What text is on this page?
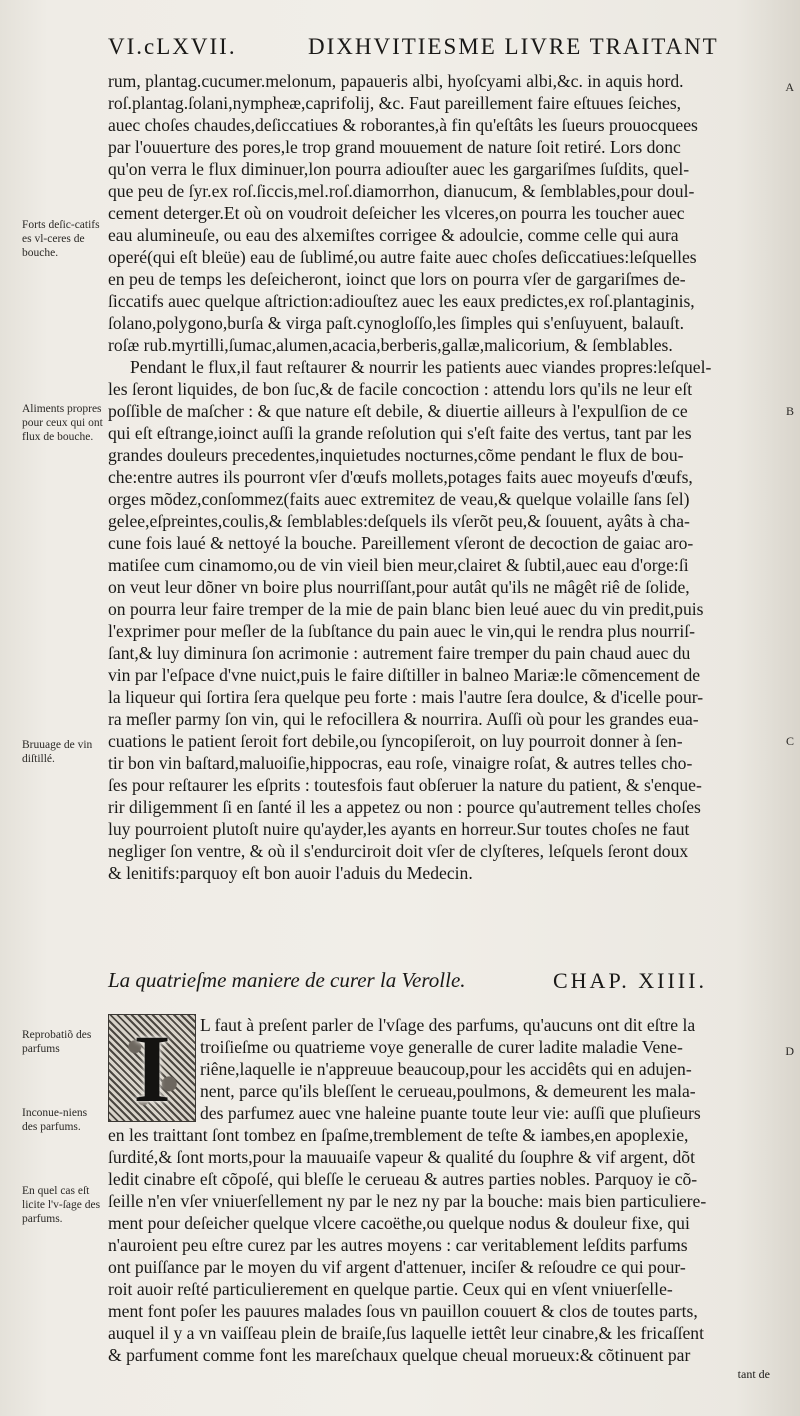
VI.cLXVII.	DIXHVITIESME LIVRE TRAITANT
Forts deſic-catifs es vl-ceres de bouche.
Aliments propres pour ceux qui ont flux de bouche.
Bruuage de vin diſtillé.
Reprobatiõ des parfums
Inconue-niens des parfums.
En quel cas eſt licite l'v-ſage des parfums.
A
B
C
D
rum, plantag.cucumer.melonum, papaueris albi, hyoſcyami albi,&c. in aquis hord.
roſ.plantag.ſolani,nympheæ,caprifolij, &c. Faut pareillement faire eſtuues ſeiches,
auec choſes chaudes,deſiccatiues & roborantes,à fin qu'eſtâts les ſueurs prouocquees
par l'ouuerture des pores,le trop grand mouuement de nature ſoit retiré. Lors donc
qu'on verra le flux diminuer,lon pourra adiouſter auec les gargariſmes ſuſdits, quel-
que peu de ſyr.ex roſ.ſiccis,mel.roſ.diamorrhon, dianucum, & ſemblables,pour doul-
cement deterger.Et où on voudroit deſeicher les vlceres,on pourra les toucher auec
eau alumineuſe, ou eau des alxemiſtes corrigee & adoulcie, comme celle qui aura
operé(qui eſt bleüe) eau de ſublimé,ou autre faite auec choſes deſiccatiues:leſquelles
en peu de temps les deſeicheront, ioinct que lors on pourra vſer de gargariſmes de-
ſiccatifs auec quelque aſtriction:adiouſtez auec les eaux predictes,ex roſ.plantaginis,
ſolano,polygono,burſa & virga paſt.cynogloſſo,les ſimples qui s'enſuyuent, balauſt.
roſæ rub.myrtilli,ſumac,alumen,acacia,berberis,gallæ,malicorium, & ſemblables.
Pendant le flux,il faut reſtaurer & nourrir les patients auec viandes propres:leſquel-
les ſeront liquides, de bon ſuc,& de facile concoction : attendu lors qu'ils ne leur eſt
poſſible de maſcher : & que nature eſt debile, & diuertie ailleurs à l'expulſion de ce
qui eſt eſtrange,ioinct auſſi la grande reſolution qui s'eſt faite des vertus, tant par les
grandes douleurs precedentes,inquietudes nocturnes,cõme pendant le flux de bou-
che:entre autres ils pourront vſer d'œufs mollets,potages faits auec moyeufs d'œufs,
orges mõdez,conſommez(faits auec extremitez de veau,& quelque volaille ſans ſel)
gelee,eſpreintes,coulis,& ſemblables:deſquels ils vſerõt peu,& ſouuent, ayâts à cha-
cune fois laué & nettoyé la bouche. Pareillement vſeront de decoction de gaiac aro-
matiſee cum cinamomo,ou de vin vieil bien meur,clairet & ſubtil,auec eau d'orge:ſi
on veut leur dõner vn boire plus nourriſſant,pour autât qu'ils ne mâgêt riê de ſolide,
on pourra leur faire tremper de la mie de pain blanc bien leué auec du vin predit,puis
l'exprimer pour meſler de la ſubſtance du pain auec le vin,qui le rendra plus nourriſ-
ſant,& luy diminura ſon acrimonie : autrement faire tremper du pain chaud auec du
vin par l'eſpace d'vne nuict,puis le faire diſtiller in balneo Mariæ:le cõmencement de
la liqueur qui ſortira ſera quelque peu forte : mais l'autre ſera doulce, & d'icelle pour-
ra meſler parmy ſon vin, qui le refocillera & nourrira. Auſſi où pour les grandes eua-
cuations le patient ſeroit fort debile,ou ſyncopiſeroit, on luy pourroit donner à ſen-
tir bon vin baſtard,maluoiſie,hippocras, eau roſe, vinaigre roſat, & autres telles cho-
ſes pour reſtaurer les eſprits : toutesfois faut obſeruer la nature du patient, & s'enque-
rir diligemment ſi en ſanté il les a appetez ou non : pource qu'autrement telles choſes
luy pourroient plutoſt nuire qu'ayder,les ayants en horreur.Sur toutes choſes ne faut
negliger ſon ventre, & où il s'endurciroit doit vſer de clyſteres, leſquels ſeront doux
& lenitifs:parquoy eſt bon auoir l'aduis du Medecin.
La quatrieſme maniere de curer la Verolle.	CHAP. XIIII.
I	L faut à preſent parler de l'vſage des parfums, qu'aucuns ont dit eſtre la
troiſieſme ou quatrieme voye generalle de curer ladite maladie Vene-
riêne,laquelle ie n'appreuue beaucoup,pour les accidêts qui en adujen-
nent, parce qu'ils bleſſent le cerueau,poulmons, & demeurent les mala-
des parfumez auec vne haleine puante toute leur vie: auſſi que pluſieurs
en les traittant ſont tombez en ſpaſme,tremblement de teſte & iambes,en apoplexie,
ſurdité,& ſont morts,pour la mauuaiſe vapeur & qualité du ſouphre & vif argent, dõt
ledit cinabre eſt cõpoſé, qui bleſſe le cerueau & autres parties nobles. Parquoy ie cõ-
ſeille n'en vſer vniuerſellement ny par le nez ny par la bouche: mais bien particuliere-
ment pour deſeicher quelque vlcere cacoëthe,ou quelque nodus & douleur fixe, qui
n'auroient peu eſtre curez par les autres moyens : car veritablement leſdits parfums
ont puiſſance par le moyen du vif argent d'attenuer, inciſer & reſoudre ce qui pour-
roit auoir reſté particulierement en quelque partie. Ceux qui en vſent vniuerſelle-
ment font poſer les pauures malades ſous vn pauillon couuert & clos de toutes parts,
auquel il y a vn vaiſſeau plein de braiſe,ſus laquelle iettêt leur cinabre,& les fricaſſent
& parfument comme font les mareſchaux quelque cheual morueux:& cõtinuent par
tant de
